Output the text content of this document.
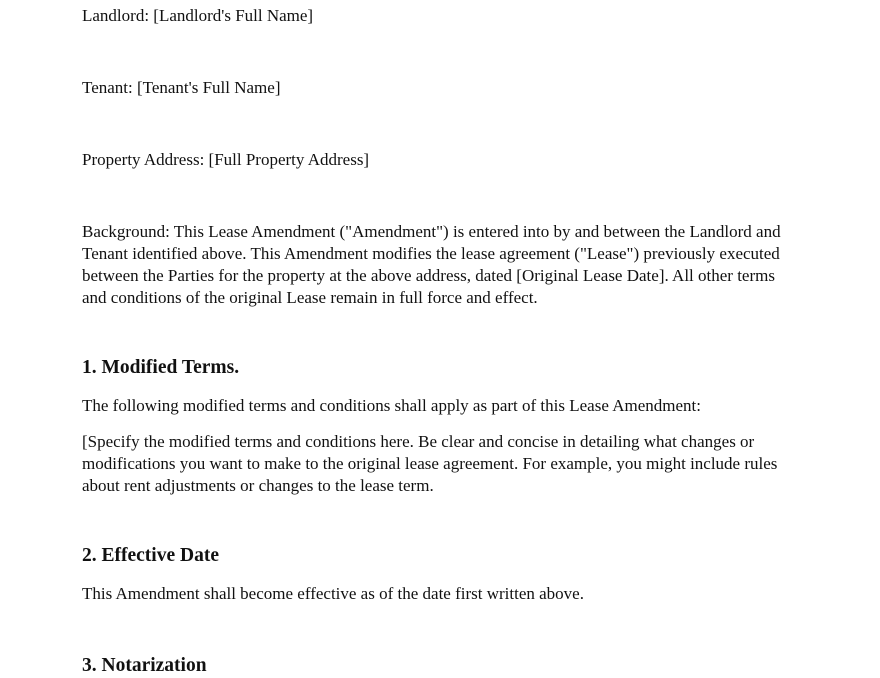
Landlord: [Landlord's Full Name]

Tenant: [Tenant's Full Name]

Property Address: [Full Property Address]

Background: This Lease Amendment ("Amendment") is entered into by and between the Landlord and Tenant identified above. This Amendment modifies the lease agreement ("Lease") previously executed between the Parties for the property at the above address, dated [Original Lease Date]. All other terms and conditions of the original Lease remain in full force and effect.

1. Modified Terms.

The following modified terms and conditions shall apply as part of this Lease Amendment:

[Specify the modified terms and conditions here. Be clear and concise in detailing what changes or modifications you want to make to the original lease agreement. For example, you might include rules about rent adjustments or changes to the lease term.

2. Effective Date

This Amendment shall become effective as of the date first written above.

3. Notarization
